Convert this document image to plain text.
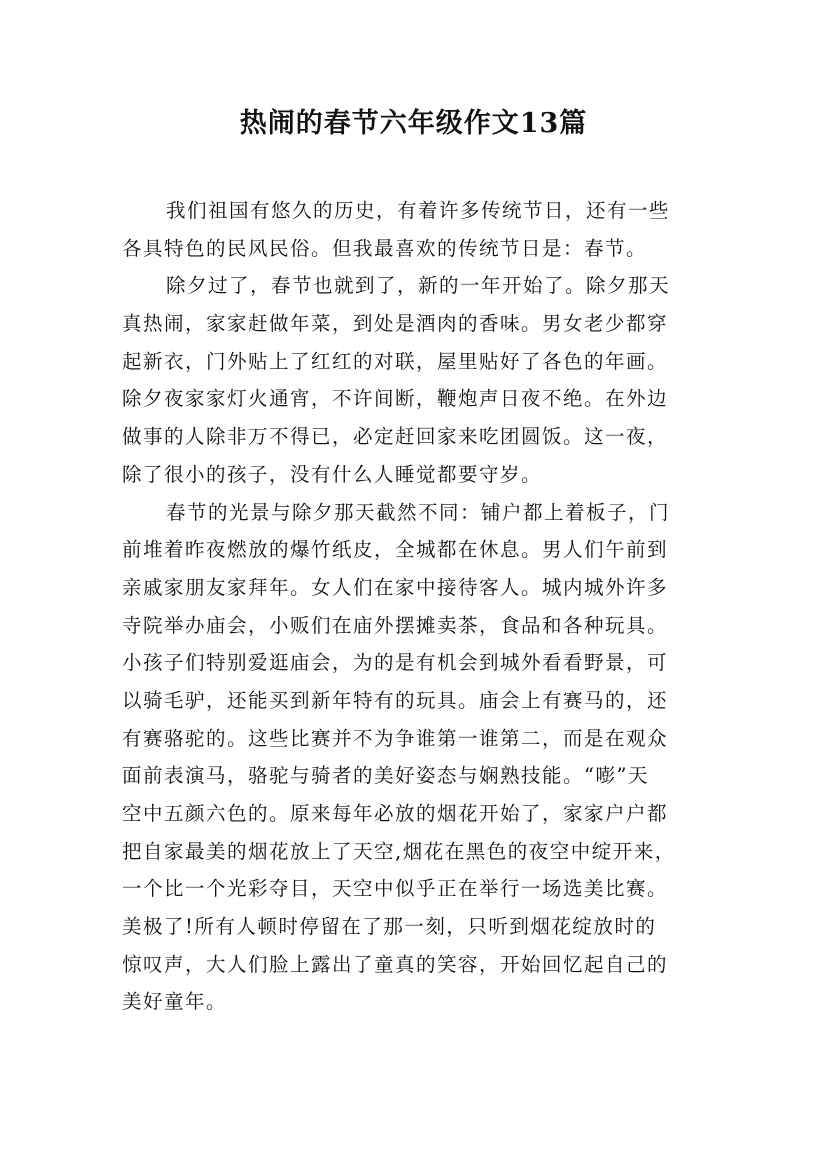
热闹的春节六年级作文13篇
我们祖国有悠久的历史，有着许多传统节日，还有一些
各具特色的民风民俗。但我最喜欢的传统节日是：春节。
除夕过了，春节也就到了，新的一年开始了。除夕那天
真热闹，家家赶做年菜，到处是酒肉的香味。男女老少都穿
起新衣，门外贴上了红红的对联，屋里贴好了各色的年画。
除夕夜家家灯火通宵，不许间断，鞭炮声日夜不绝。在外边
做事的人除非万不得已，必定赶回家来吃团圆饭。这一夜，
除了很小的孩子，没有什么人睡觉都要守岁。
春节的光景与除夕那天截然不同：铺户都上着板子，门
前堆着昨夜燃放的爆竹纸皮，全城都在休息。男人们午前到
亲戚家朋友家拜年。女人们在家中接待客人。城内城外许多
寺院举办庙会，小贩们在庙外摆摊卖茶，食品和各种玩具。
小孩子们特别爱逛庙会，为的是有机会到城外看看野景，可
以骑毛驴，还能买到新年特有的玩具。庙会上有赛马的，还
有赛骆驼的。这些比赛并不为争谁第一谁第二，而是在观众
面前表演马，骆驼与骑者的美好姿态与娴熟技能。“嘭”天
空中五颜六色的。原来每年必放的烟花开始了，家家户户都
把自家最美的烟花放上了天空,烟花在黑色的夜空中绽开来，
一个比一个光彩夺目，天空中似乎正在举行一场选美比赛。
美极了!所有人顿时停留在了那一刻，只听到烟花绽放时的
惊叹声，大人们脸上露出了童真的笑容，开始回忆起自己的
美好童年。
